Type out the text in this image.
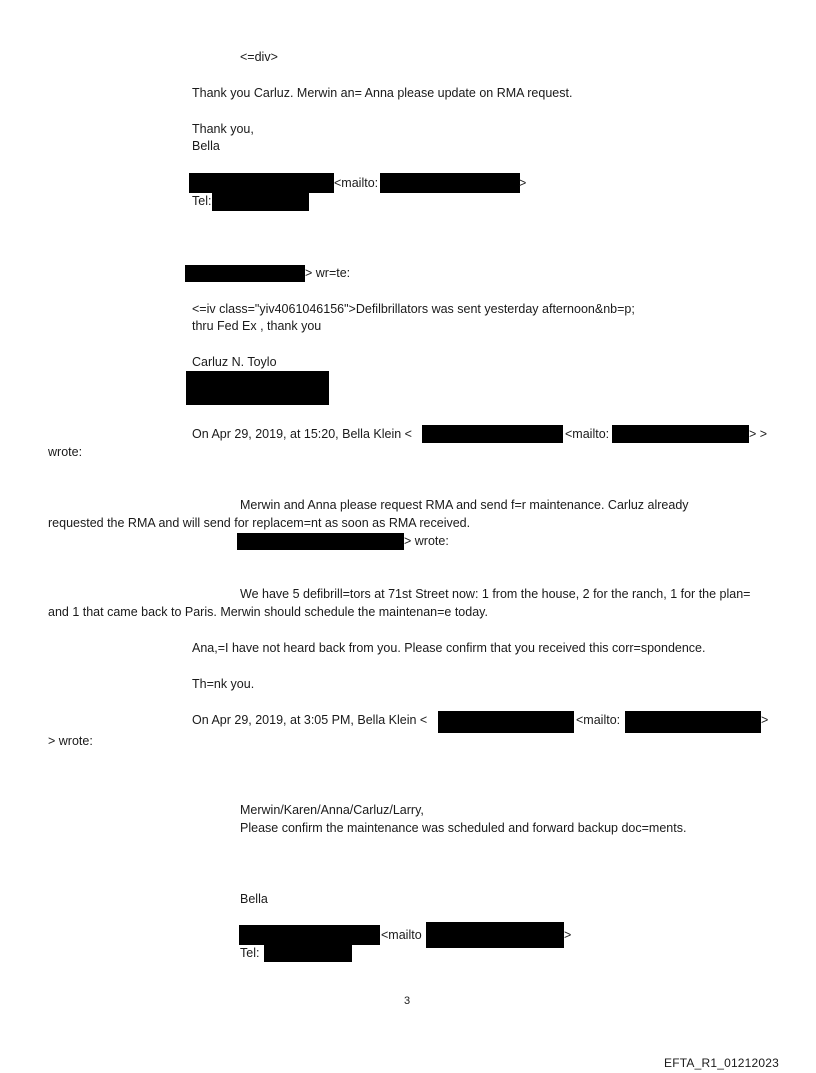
<=div>
Thank you Carluz. Merwin an= Anna please update on RMA request.
Thank you,
Bella
<mailto:	>
Tel:
> wr=te:
<=iv class="yiv4061046156">Defilbrillators was sent yesterday afternoon&nb=p;
thru Fed Ex , thank you
Carluz N. Toylo
On Apr 29, 2019, at 15:20, Bella Klein <	<mailto:	> >
wrote:
Merwin and Anna please request RMA and send f=r maintenance. Carluz already
requested the RMA and will send for replacem=nt as soon as RMA received.
> wrote:
We have 5 defibrill=tors at 71st Street now: 1 from the house, 2 for the ranch, 1 for the plan=
and 1 that came back to Paris. Merwin should schedule the maintenan=e today.
Ana,=I have not heard back from you. Please confirm that you received this corr=spondence.
Th=nk you.
On Apr 29, 2019, at 3:05 PM, Bella Klein <	<mailto:	>
> wrote:
Merwin/Karen/Anna/Carluz/Larry,
Please confirm the maintenance was scheduled and forward backup doc=ments.
Bella
<mailto	>
Tel:
3
EFTA_R1_01212023
